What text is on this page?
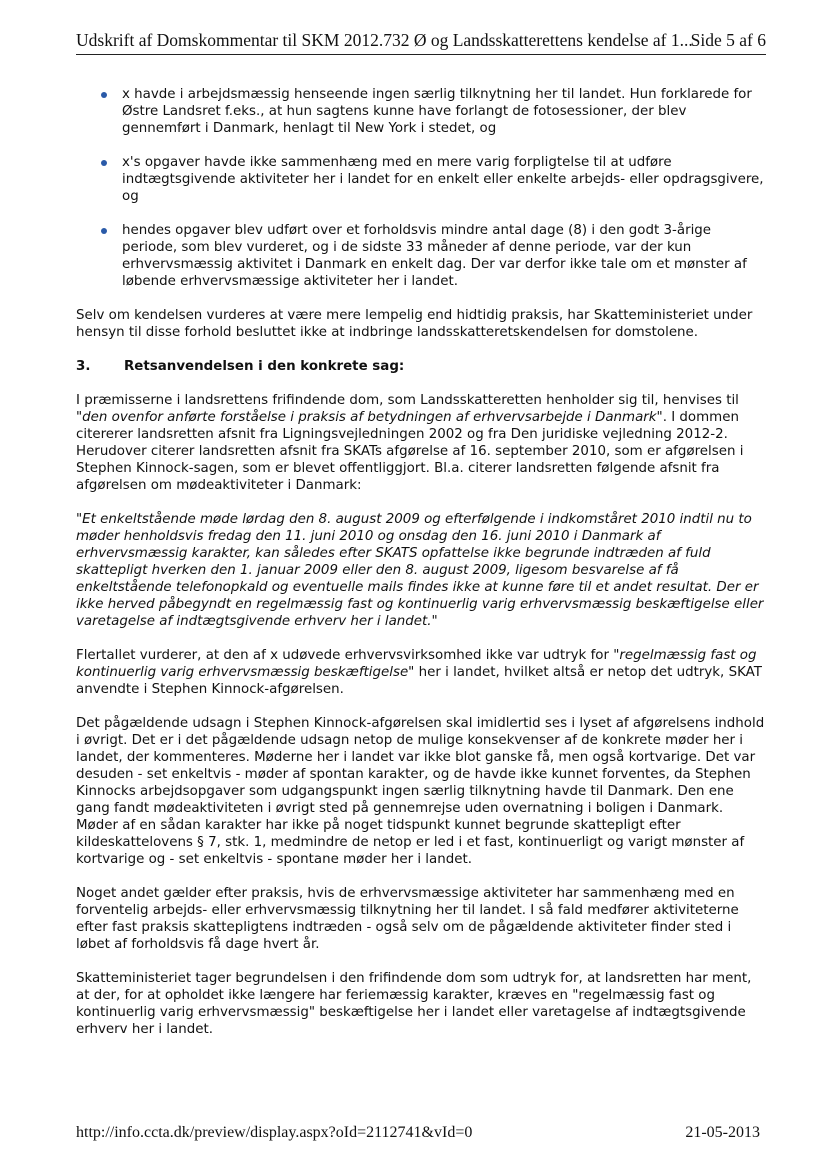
Udskrift af Domskommentar til SKM 2012.732 Ø og Landsskatterettens kendelse af 1...
Side 5 af 6
x havde i arbejdsmæssig henseende ingen særlig tilknytning her til landet. Hun forklarede for Østre Landsret f.eks., at hun sagtens kunne have forlangt de fotosessioner, der blev gennemført i Danmark, henlagt til New York i stedet, og
x's opgaver havde ikke sammenhæng med en mere varig forpligtelse til at udføre indtægtsgivende aktiviteter her i landet for en enkelt eller enkelte arbejds- eller opdragsgivere, og
hendes opgaver blev udført over et forholdsvis mindre antal dage (8) i den godt 3-årige periode, som blev vurderet, og i de sidste 33 måneder af denne periode, var der kun erhvervsmæssig aktivitet i Danmark en enkelt dag. Der var derfor ikke tale om et mønster af løbende erhvervsmæssige aktiviteter her i landet.

Selv om kendelsen vurderes at være mere lempelig end hidtidig praksis, har Skatteministeriet under hensyn til disse forhold besluttet ikke at indbringe landsskatteretskendelsen for domstolene.

3.	Retsanvendelsen i den konkrete sag:

I præmisserne i landsrettens frifindende dom, som Landsskatteretten henholder sig til, henvises til "den ovenfor anførte forståelse i praksis af betydningen af erhvervsarbejde i Danmark". I dommen citererer landsretten afsnit fra Ligningsvejledningen 2002 og fra Den juridiske vejledning 2012-2. Herudover citerer landsretten afsnit fra SKATs afgørelse af 16. september 2010, som er afgørelsen i Stephen Kinnock-sagen, som er blevet offentliggjort. Bl.a. citerer landsretten følgende afsnit fra afgørelsen om mødeaktiviteter i Danmark:

"Et enkeltstående møde lørdag den 8. august 2009 og efterfølgende i indkomståret 2010 indtil nu to møder henholdsvis fredag den 11. juni 2010 og onsdag den 16. juni 2010 i Danmark af erhvervsmæssig karakter, kan således efter SKATS opfattelse ikke begrunde indtræden af fuld skattepligt hverken den 1. januar 2009 eller den 8. august 2009, ligesom besvarelse af få enkeltstående telefonopkald og eventuelle mails findes ikke at kunne føre til et andet resultat. Der er ikke herved påbegyndt en regelmæssig fast og kontinuerlig varig erhvervsmæssig beskæftigelse eller varetagelse af indtægtsgivende erhverv her i landet."

Flertallet vurderer, at den af x udøvede erhvervsvirksomhed ikke var udtryk for "regelmæssig fast og kontinuerlig varig erhvervsmæssig beskæftigelse" her i landet, hvilket altså er netop det udtryk, SKAT anvendte i Stephen Kinnock-afgørelsen.

Det pågældende udsagn i Stephen Kinnock-afgørelsen skal imidlertid ses i lyset af afgørelsens indhold i øvrigt. Det er i det pågældende udsagn netop de mulige konsekvenser af de konkrete møder her i landet, der kommenteres. Møderne her i landet var ikke blot ganske få, men også kortvarige. Det var desuden - set enkeltvis - møder af spontan karakter, og de havde ikke kunnet forventes, da Stephen Kinnocks arbejdsopgaver som udgangspunkt ingen særlig tilknytning havde til Danmark. Den ene gang fandt mødeaktiviteten i øvrigt sted på gennemrejse uden overnatning i boligen i Danmark. Møder af en sådan karakter har ikke på noget tidspunkt kunnet begrunde skattepligt efter kildeskattelovens § 7, stk. 1, medmindre de netop er led i et fast, kontinuerligt og varigt mønster af kortvarige og - set enkeltvis - spontane møder her i landet.

Noget andet gælder efter praksis, hvis de erhvervsmæssige aktiviteter har sammenhæng med en forventelig arbejds- eller erhvervsmæssig tilknytning her til landet. I så fald medfører aktiviteterne efter fast praksis skattepligtens indtræden - også selv om de pågældende aktiviteter finder sted i løbet af forholdsvis få dage hvert år.

Skatteministeriet tager begrundelsen i den frifindende dom som udtryk for, at landsretten har ment, at der, for at opholdet ikke længere har feriemæssig karakter, kræves en "regelmæssig fast og kontinuerlig varig erhvervsmæssig" beskæftigelse her i landet eller varetagelse af indtægtsgivende erhverv her i landet.

http://info.ccta.dk/preview/display.aspx?oId=2112741&vId=0	21-05-2013
